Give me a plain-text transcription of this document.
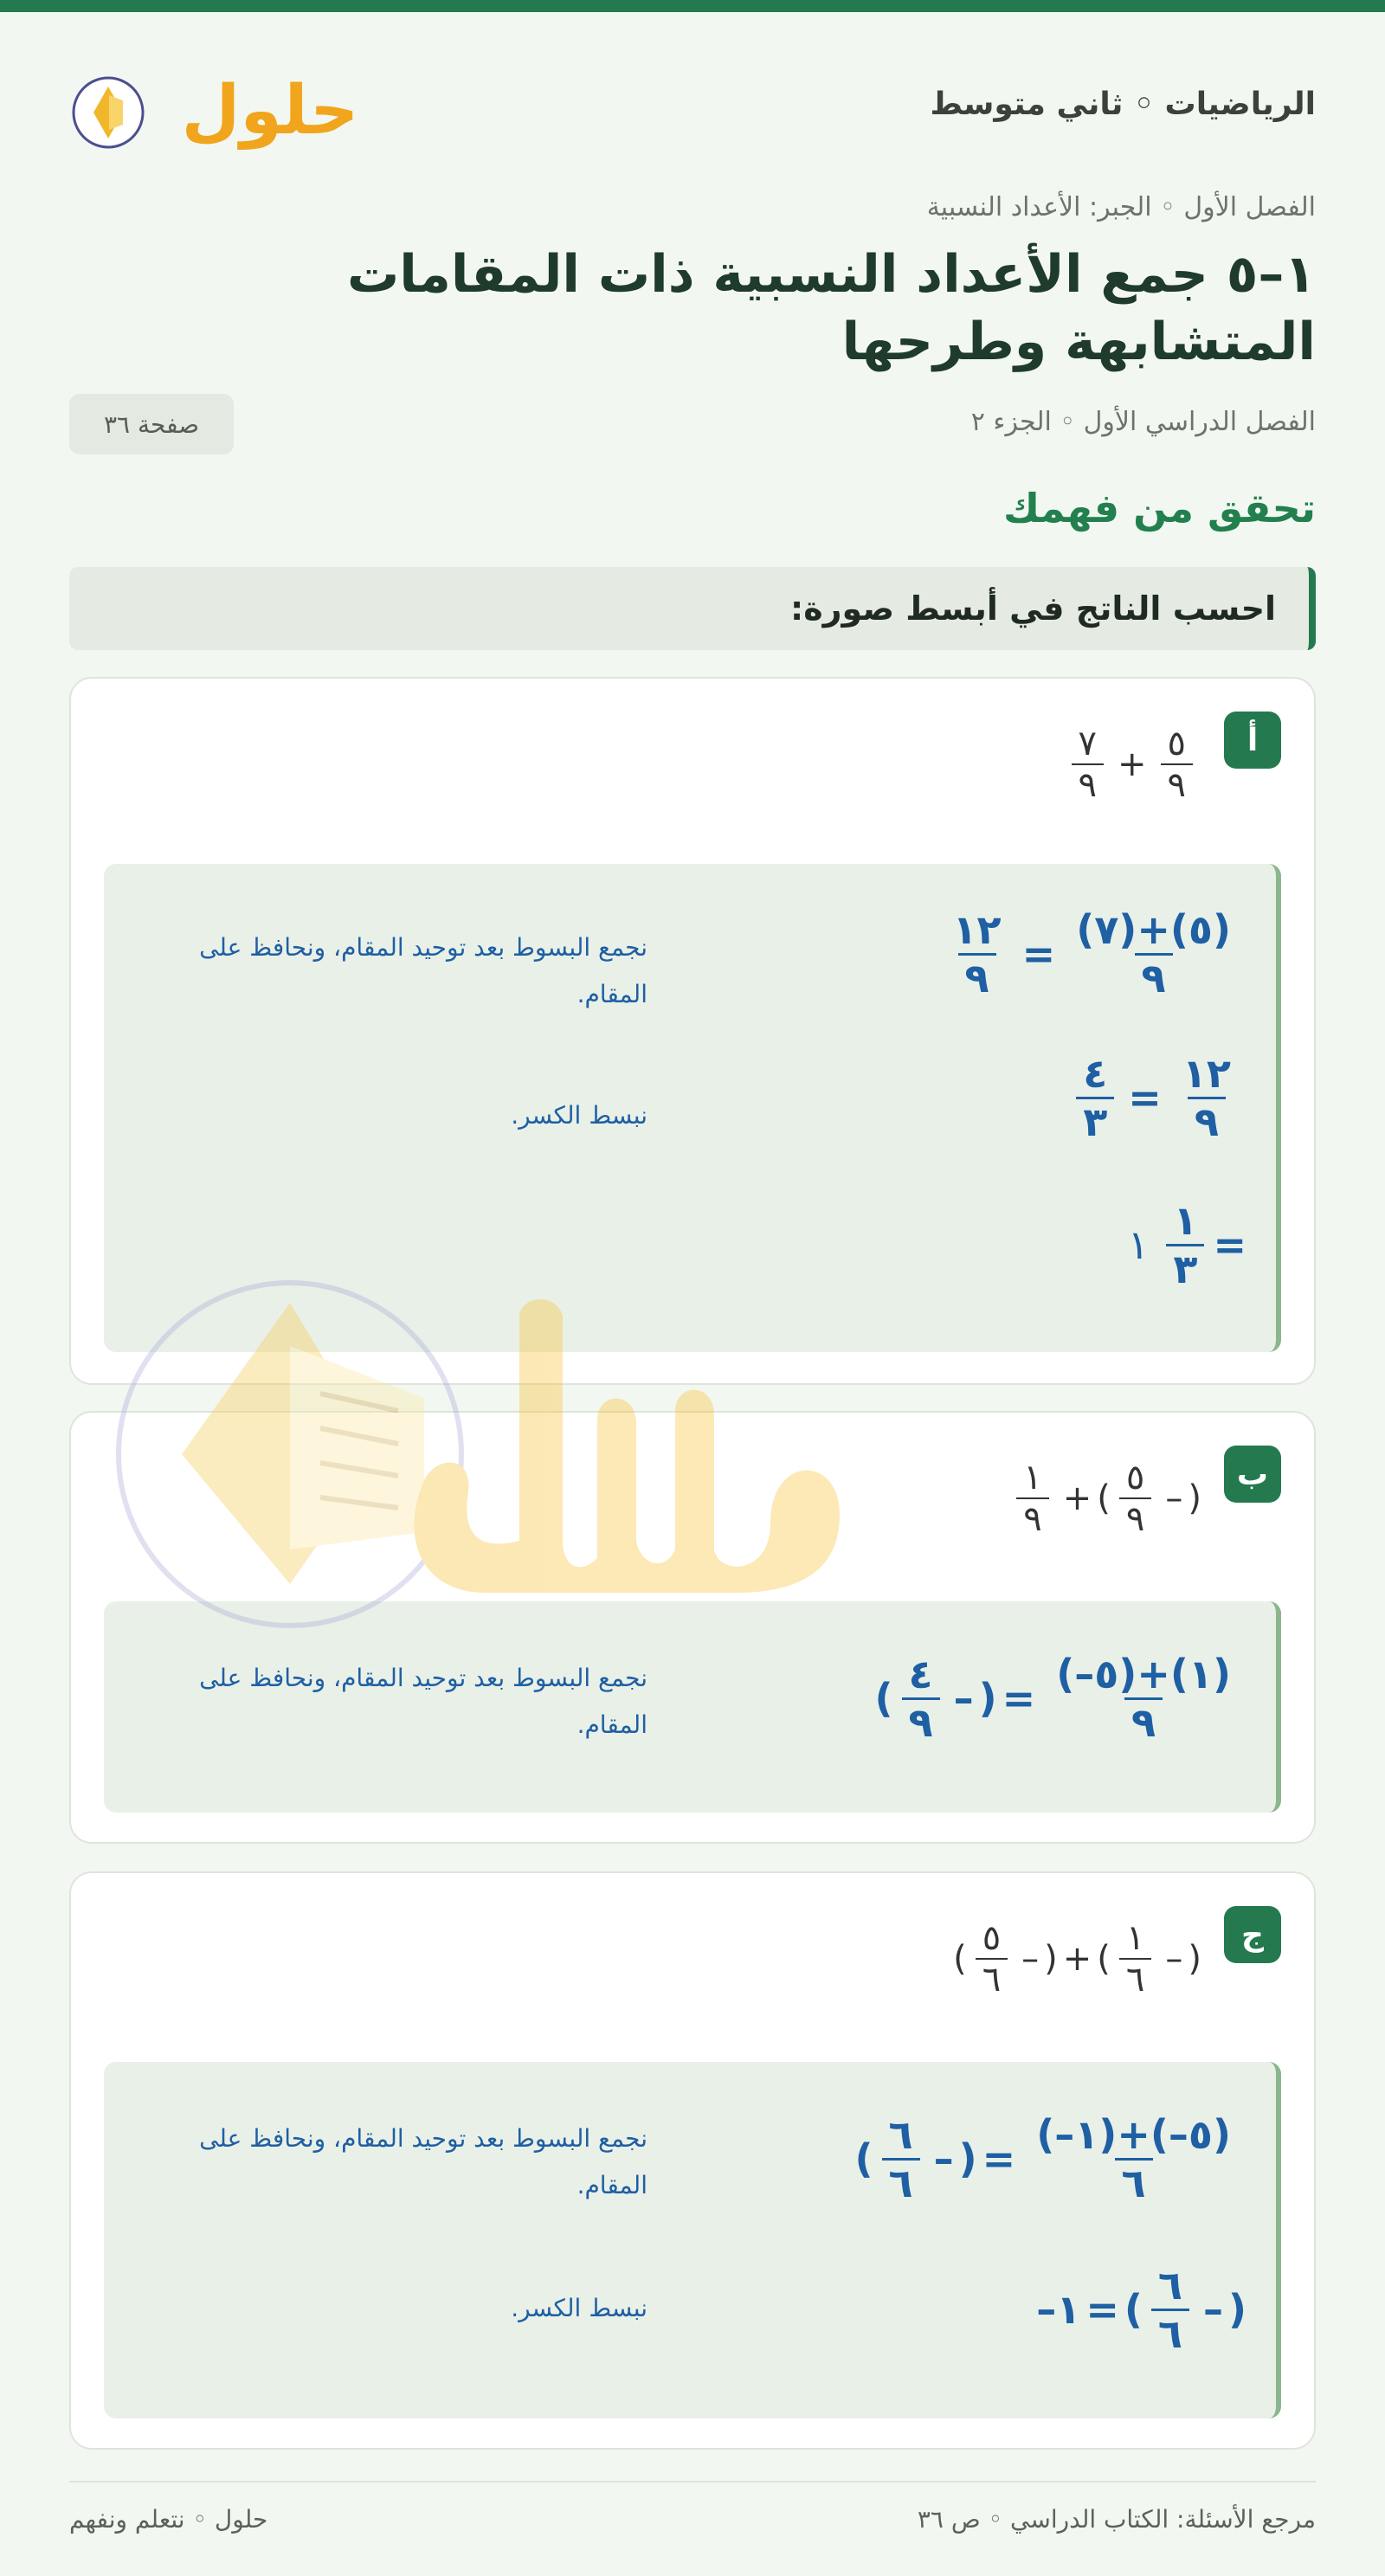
الرياضيات ◦ ثاني متوسط
حلول
الفصل الأول ◦ الجبر: الأعداد النسبية
١–٥ جمع الأعداد النسبية ذات المقامات المتشابهة وطرحها
الفصل الدراسي الأول ◦ الجزء ٢
صفحة ٣٦
تحقق من فهمك
احسب الناتج في أبسط صورة:
أ
$\frac{٧}{٩} + \frac{٥}{٩}$
$\frac{١٢}{٩} = \frac{(٧)+(٥)}{٩}$
نجمع البسوط بعد توحيد المقام، ونحافظ على المقام.
$\frac{٤}{٣} = \frac{١٢}{٩}$
نبسط الكسر.
١ $\frac{١}{٣}$ =
ب
$\frac{١}{٩}$ + ( $\frac{٥}{٩}$ – )
( $\frac{٤}{٩}$ – ) = $\frac{(-٥)+(١)}{٩}$
نجمع البسوط بعد توحيد المقام، ونحافظ على المقام.
ج
( $\frac{٥}{٦}$ – ) + ( $\frac{١}{٦}$ – )
( $\frac{٦}{٦}$ – ) = $\frac{(-١)+(-٥)}{٦}$
نجمع البسوط بعد توحيد المقام، ونحافظ على المقام.
–١ = ( $\frac{٦}{٦}$ – )
نبسط الكسر.
مرجع الأسئلة: الكتاب الدراسي ◦ ص ٣٦
حلول ◦ نتعلم ونفهم
